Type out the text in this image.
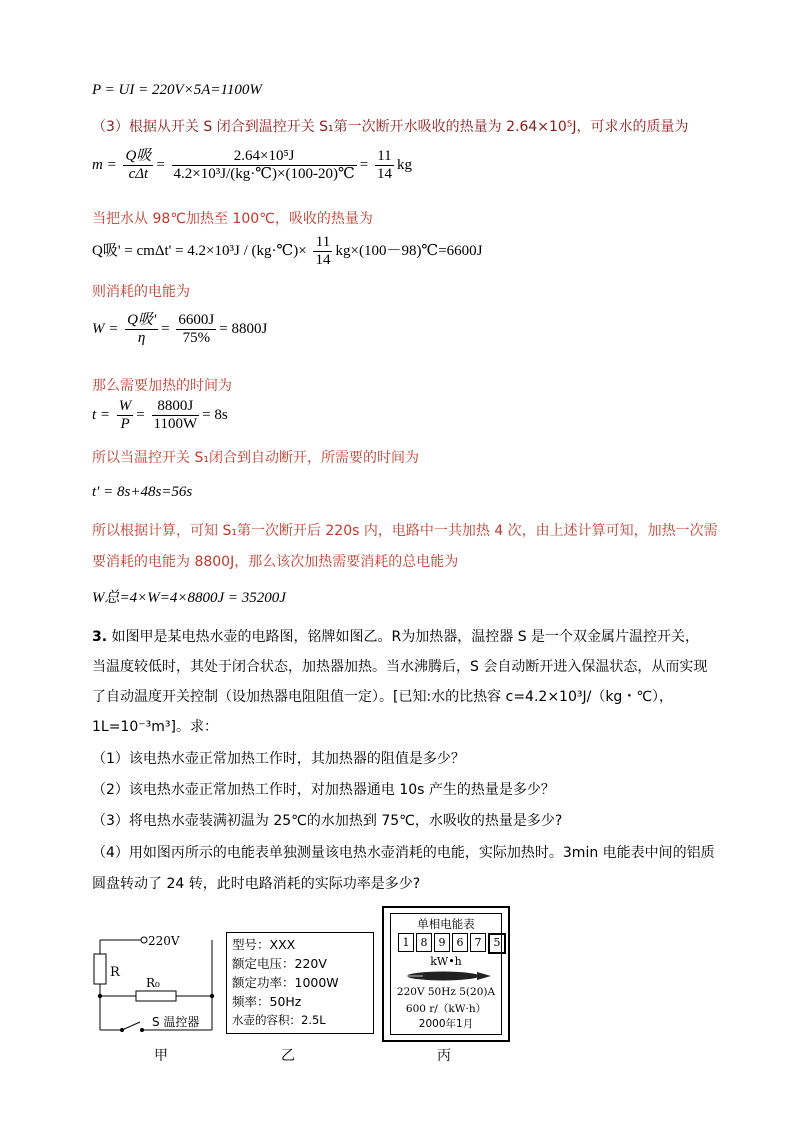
P = UI = 220V×5A=1100W
（3）根据从开关 S 闭合到温控开关 S₁第一次断开水吸收的热量为 2.64×10⁵J，可求水的质量为
$m = \frac{\text{Q吸}}{\text{cΔt}} = \frac{\text{2.64×10⁵J}}{\text{4.2×10³J/(kg·℃)×(100-20)℃}} = \frac{11}{14}$ kg
当把水从 98℃加热至 100℃，吸收的热量为
Q吸' = cmΔt' = 4.2×10³J / (kg·℃)× $\frac{11}{14}$ kg×(100－98)℃=6600J
则消耗的电能为
$W = \frac{\text{Q吸'}}{\eta} = \frac{6600J}{75\%} = 8800J$
那么需要加热的时间为
$t = \frac{W}{P} = \frac{8800J}{1100W} = 8s$
所以当温控开关 S₁闭合到自动断开，所需要的时间为
t' = 8s+48s=56s
所以根据计算，可知 S₁第一次断开后 220s 内，电路中一共加热 4 次，由上述计算可知，加热一次需
要消耗的电能为 8800J，那么该次加热需要消耗的总电能为
W总=4×W=4×8800J = 35200J
3. 如图甲是某电热水壶的电路图，铭牌如图乙。R为加热器，温控器 S 是一个双金属片温控开关，
当温度较低时，其处于闭合状态，加热器加热。当水沸腾后，S 会自动断开进入保温状态，从而实现
了自动温度开关控制（设加热器电阻阻值一定）。[已知:水的比热容 c=4.2×10³J/（kg・℃），
1L=10⁻³m³]。求：
（1）该电热水壶正常加热工作时，其加热器的阻值是多少？
（2）该电热水壶正常加热工作时，对加热器通电 10s 产生的热量是多少？
（3）将电热水壶装满初温为 25℃的水加热到 75℃，水吸收的热量是多少?
（4）用如图丙所示的电能表单独测量该电热水壶消耗的电能，实际加热时。3min 电能表中间的铝质
圆盘转动了 24 转，此时电路消耗的实际功率是多少?
220V
R
R₀
S 温控器
甲
型号：XXX
额定电压：220V
额定功率：1000W
频率：50Hz
水壶的容积：2.5L
乙
单相电能表
1	8	9	6	7	5
kW•h
220V 50Hz 5(20)A
600 r/（kW·h）
2000年1月
丙
